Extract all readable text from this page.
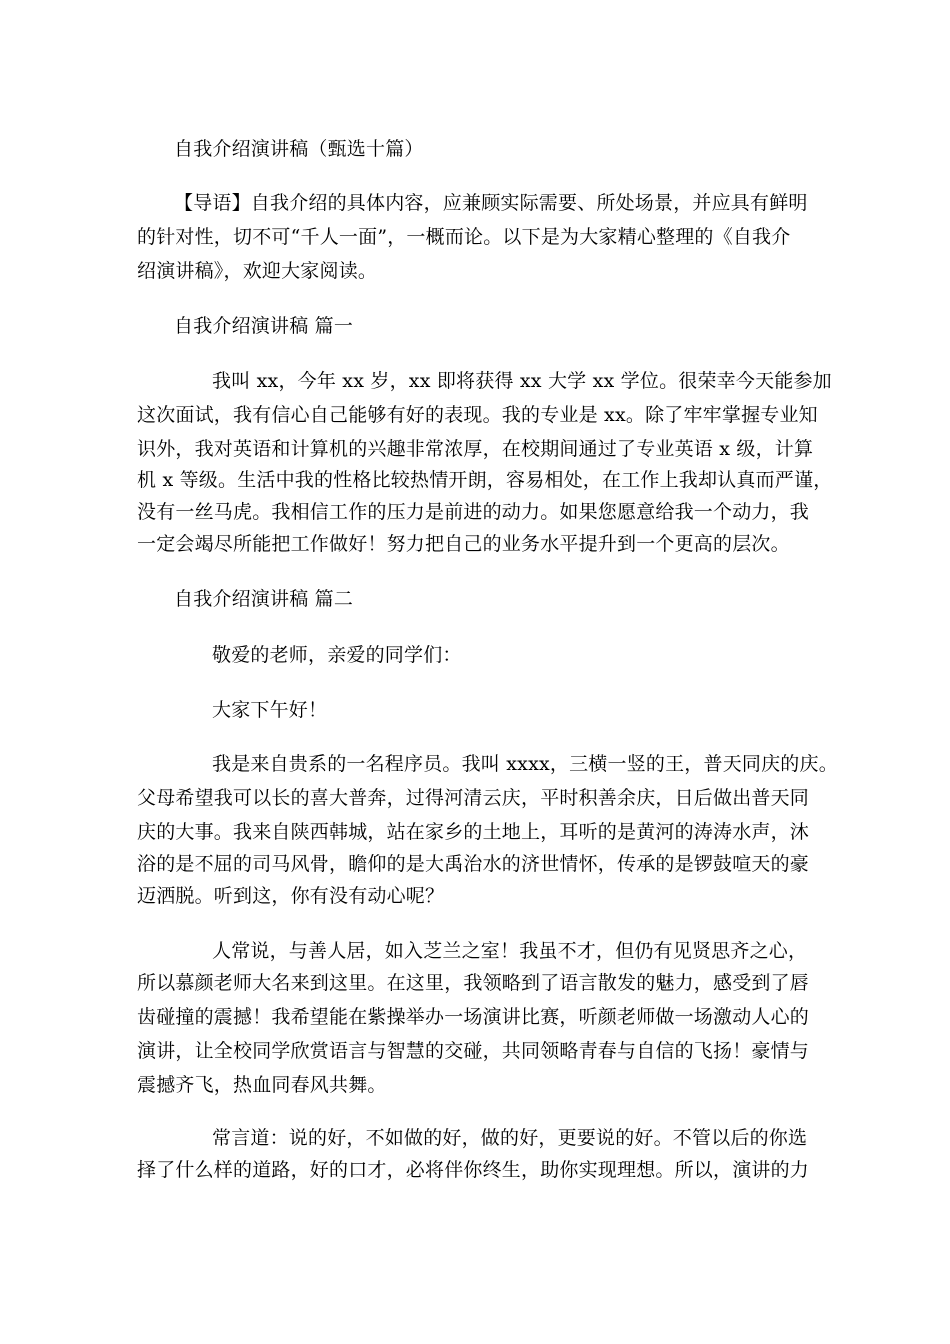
自我介绍演讲稿（甄选十篇）
【导语】自我介绍的具体内容，应兼顾实际需要、所处场景，并应具有鲜明
的针对性，切不可“千人一面”，一概而论。以下是为大家精心整理的《自我介
绍演讲稿》，欢迎大家阅读。
自我介绍演讲稿 篇一
我叫 xx，今年 xx 岁，xx 即将获得 xx 大学 xx 学位。很荣幸今天能参加
这次面试，我有信心自己能够有好的表现。我的专业是 xx。除了牢牢掌握专业知
识外，我对英语和计算机的兴趣非常浓厚，在校期间通过了专业英语 x 级，计算
机 x 等级。生活中我的性格比较热情开朗，容易相处，在工作上我却认真而严谨，
没有一丝马虎。我相信工作的压力是前进的动力。如果您愿意给我一个动力，我
一定会竭尽所能把工作做好！努力把自己的业务水平提升到一个更高的层次。
自我介绍演讲稿 篇二
敬爱的老师，亲爱的同学们：
大家下午好！
我是来自贵系的一名程序员。我叫 xxxx，三横一竖的王，普天同庆的庆。
父母希望我可以长的喜大普奔，过得河清云庆，平时积善余庆，日后做出普天同
庆的大事。我来自陕西韩城，站在家乡的土地上，耳听的是黄河的涛涛水声，沐
浴的是不屈的司马风骨，瞻仰的是大禹治水的济世情怀，传承的是锣鼓喧天的豪
迈洒脱。听到这，你有没有动心呢？
人常说，与善人居，如入芝兰之室！我虽不才，但仍有见贤思齐之心，
所以慕颜老师大名来到这里。在这里，我领略到了语言散发的魅力，感受到了唇
齿碰撞的震撼！我希望能在紫操举办一场演讲比赛，听颜老师做一场激动人心的
演讲，让全校同学欣赏语言与智慧的交碰，共同领略青春与自信的飞扬！豪情与
震撼齐飞，热血同春风共舞。
常言道：说的好，不如做的好，做的好，更要说的好。不管以后的你选
择了什么样的道路，好的口才，必将伴你终生，助你实现理想。所以，演讲的力
